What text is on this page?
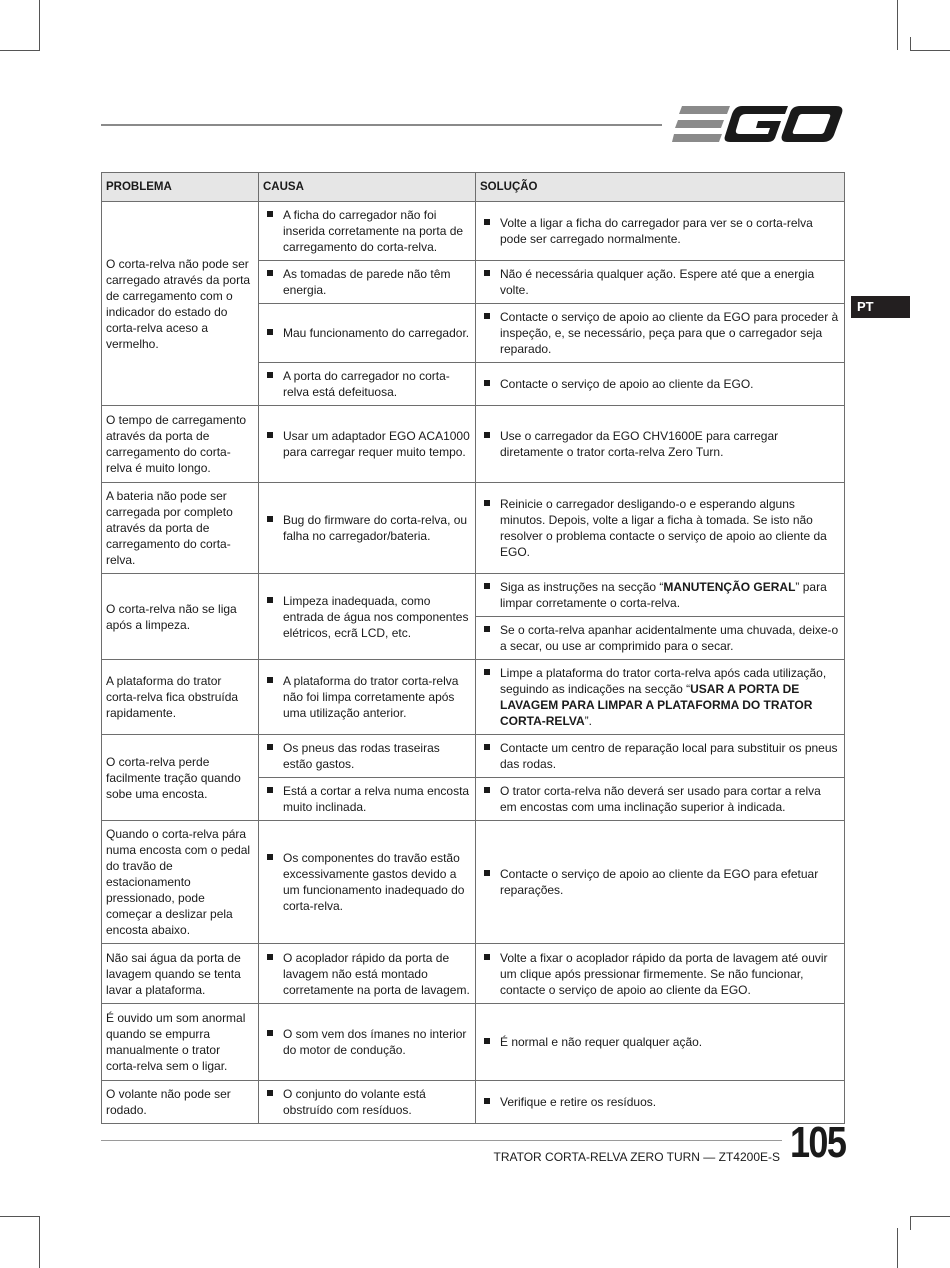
PT
PROBLEMA	CAUSA	SOLUÇÃO
O corta-relva não pode ser carregado através da porta de carregamento com o indicador do estado do corta-relva aceso a vermelho.	A ficha do carregador não foi inserida corretamente na porta de carregamento do corta-relva.	Volte a ligar a ficha do carregador para ver se o corta-relva pode ser carregado normalmente.

	As tomadas de parede não têm energia.	Não é necessária qualquer ação. Espere até que a energia volte.

	Mau funcionamento do carregador.	Contacte o serviço de apoio ao cliente da EGO para proceder à inspeção, e, se necessário, peça para que o carregador seja reparado.

	A porta do carregador no corta-relva está defeituosa.	Contacte o serviço de apoio ao cliente da EGO.

O tempo de carregamento através da porta de carregamento do corta-relva é muito longo.	Usar um adaptador EGO ACA1000 para carregar requer muito tempo.	Use o carregador da EGO CHV1600E para carregar diretamente o trator corta-relva Zero Turn.

A bateria não pode ser carregada por completo através da porta de carregamento do corta-relva.	Bug do firmware do corta-relva, ou falha no carregador/bateria.	Reinicie o carregador desligando-o e esperando alguns minutos. Depois, volte a ligar a ficha à tomada. Se isto não resolver o problema contacte o serviço de apoio ao cliente da EGO.

O corta-relva não se liga após a limpeza.	Limpeza inadequada, como entrada de água nos componentes elétricos, ecrã LCD, etc.	Siga as instruções na secção “MANUTENÇÃO GERAL” para limpar corretamente o corta-relva.

		Se o corta-relva apanhar acidentalmente uma chuvada, deixe-o a secar, ou use ar comprimido para o secar.

A plataforma do trator corta-relva fica obstruída rapidamente.	A plataforma do trator corta-relva não foi limpa corretamente após uma utilização anterior.	Limpe a plataforma do trator corta-relva após cada utilização, seguindo as indicações na secção “USAR A PORTA DE LAVAGEM PARA LIMPAR A PLATAFORMA DO TRATOR CORTA-RELVA”.

O corta-relva perde facilmente tração quando sobe uma encosta.	Os pneus das rodas traseiras estão gastos.	Contacte um centro de reparação local para substituir os pneus das rodas.

	Está a cortar a relva numa encosta muito inclinada.	O trator corta-relva não deverá ser usado para cortar a relva em encostas com uma inclinação superior à indicada.

Quando o corta-relva pára numa encosta com o pedal do travão de estacionamento pressionado, pode começar a deslizar pela encosta abaixo.	Os componentes do travão estão excessivamente gastos devido a um funcionamento inadequado do corta-relva.	Contacte o serviço de apoio ao cliente da EGO para efetuar reparações.

Não sai água da porta de lavagem quando se tenta lavar a plataforma.	O acoplador rápido da porta de lavagem não está montado corretamente na porta de lavagem.	Volte a fixar o acoplador rápido da porta de lavagem até ouvir um clique após pressionar firmemente. Se não funcionar, contacte o serviço de apoio ao cliente da EGO.

É ouvido um som anormal quando se empurra manualmente o trator corta-relva sem o ligar.	O som vem dos ímanes no interior do motor de condução.	É normal e não requer qualquer ação.

O volante não pode ser rodado.	O conjunto do volante está obstruído com resíduos.	Verifique e retire os resíduos.
TRATOR CORTA-RELVA ZERO TURN — ZT4200E-S 105
